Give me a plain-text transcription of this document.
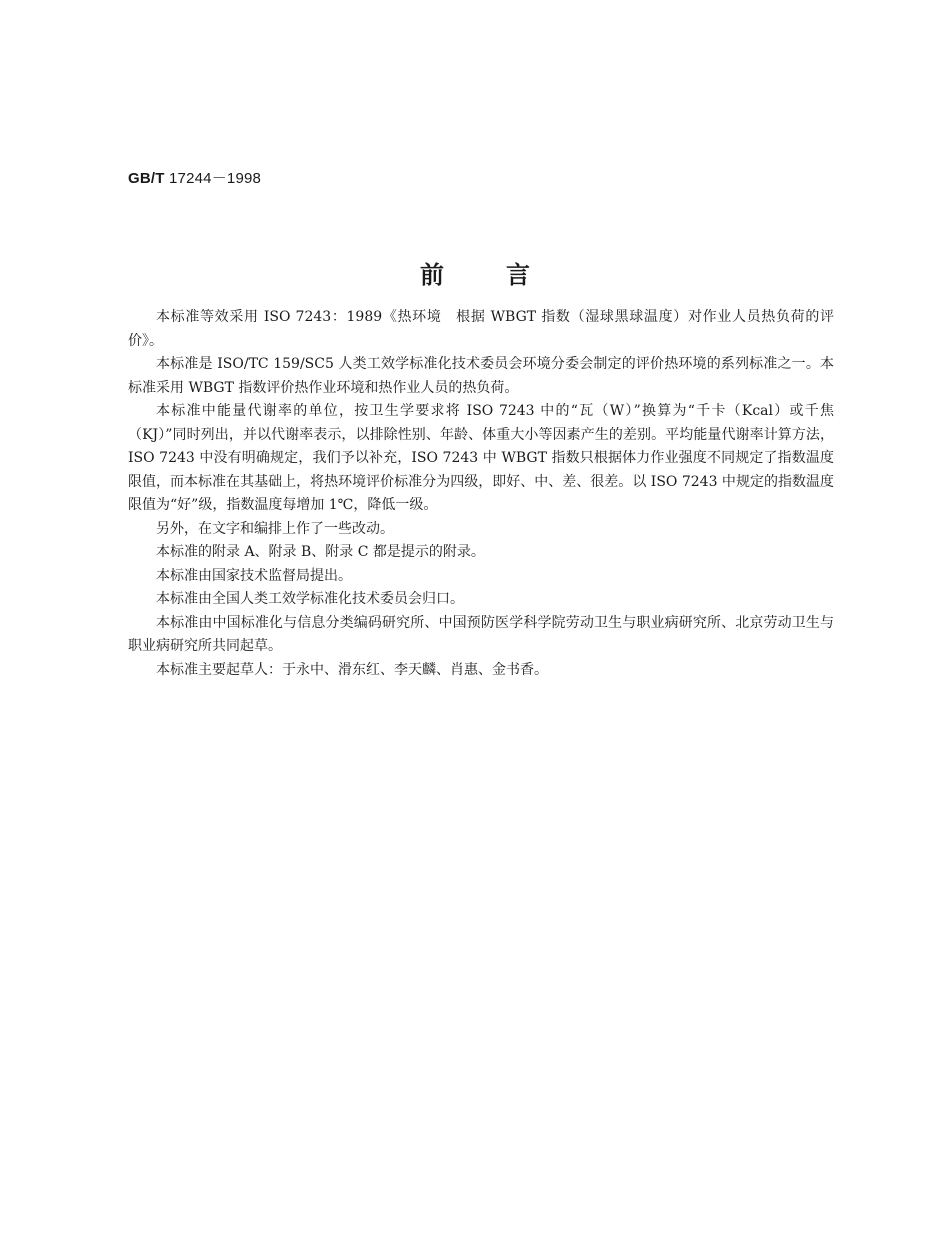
GB/T 17244－1998
前言

本标准等效采用 ISO 7243：1989《热环境　根据 WBGT 指数（湿球黑球温度）对作业人员热负荷的评价》。

本标准是 ISO/TC 159/SC5 人类工效学标准化技术委员会环境分委会制定的评价热环境的系列标准之一。本标准采用 WBGT 指数评价热作业环境和热作业人员的热负荷。

本标准中能量代谢率的单位，按卫生学要求将 ISO 7243 中的“瓦（W）”换算为“千卡（Kcal）或千焦（KJ）”同时列出，并以代谢率表示，以排除性别、年龄、体重大小等因素产生的差别。平均能量代谢率计算方法，ISO 7243 中没有明确规定，我们予以补充，ISO 7243 中 WBGT 指数只根据体力作业强度不同规定了指数温度限值，而本标准在其基础上，将热环境评价标准分为四级，即好、中、差、很差。以 ISO 7243 中规定的指数温度限值为“好”级，指数温度每增加 1℃，降低一级。

另外，在文字和编排上作了一些改动。

本标准的附录 A、附录 B、附录 C 都是提示的附录。

本标准由国家技术监督局提出。

本标准由全国人类工效学标准化技术委员会归口。

本标准由中国标准化与信息分类编码研究所、中国预防医学科学院劳动卫生与职业病研究所、北京劳动卫生与职业病研究所共同起草。

本标准主要起草人：于永中、滑东红、李天麟、肖惠、金书香。
